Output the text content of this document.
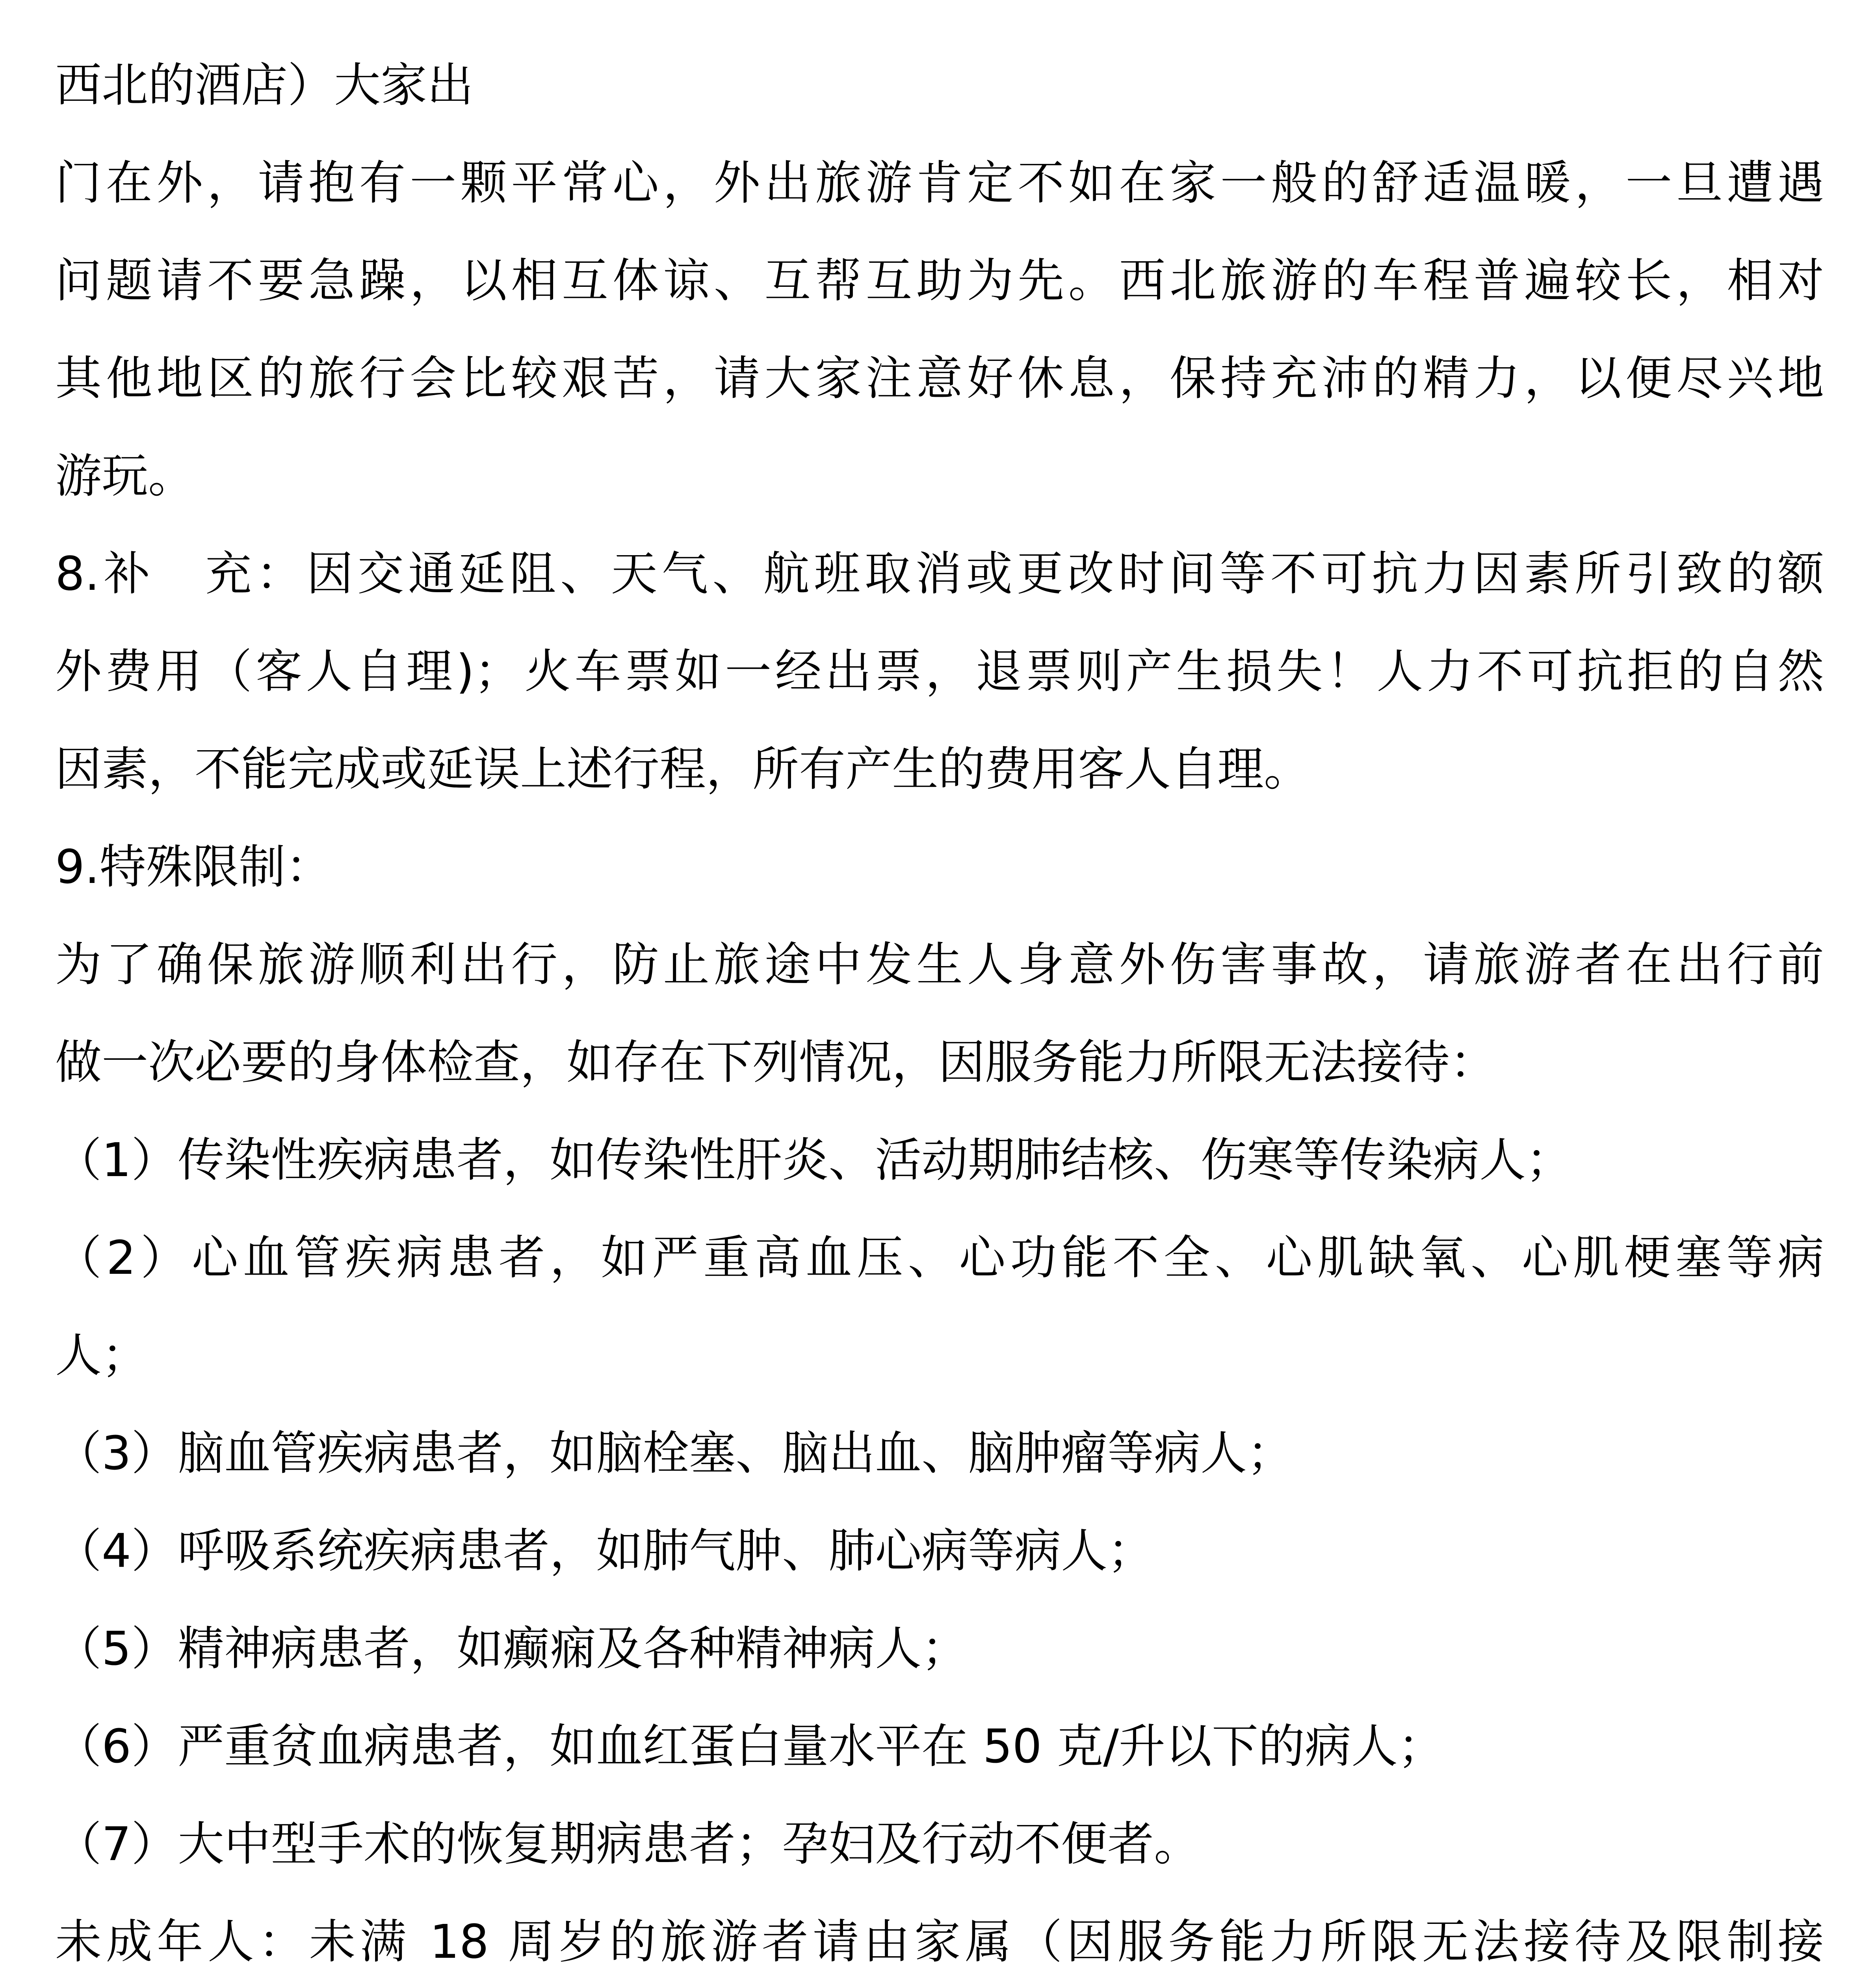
西北的酒店）大家出
门在外，请抱有一颗平常心，外出旅游肯定不如在家一般的舒适温暖，一旦遭遇
问题请不要急躁，以相互体谅、互帮互助为先。西北旅游的车程普遍较长，相对
其他地区的旅行会比较艰苦，请大家注意好休息，保持充沛的精力，以便尽兴地
游玩。
8.补　充：因交通延阻、天气、航班取消或更改时间等不可抗力因素所引致的额
外费用（客人自理)；火车票如一经出票，退票则产生损失！人力不可抗拒的自然
因素，不能完成或延误上述行程，所有产生的费用客人自理。
9.特殊限制：
为了确保旅游顺利出行，防止旅途中发生人身意外伤害事故，请旅游者在出行前
做一次必要的身体检查，如存在下列情况，因服务能力所限无法接待：
（1）传染性疾病患者，如传染性肝炎、活动期肺结核、伤寒等传染病人；
（2）心血管疾病患者，如严重高血压、心功能不全、心肌缺氧、心肌梗塞等病
人；
（3）脑血管疾病患者，如脑栓塞、脑出血、脑肿瘤等病人；
（4）呼吸系统疾病患者，如肺气肿、肺心病等病人；
（5）精神病患者，如癫痫及各种精神病人；
（6）严重贫血病患者，如血红蛋白量水平在 50 克/升以下的病人；
（7）大中型手术的恢复期病患者；孕妇及行动不便者。
未成年人：未满 18 周岁的旅游者请由家属（因服务能力所限无法接待及限制接
